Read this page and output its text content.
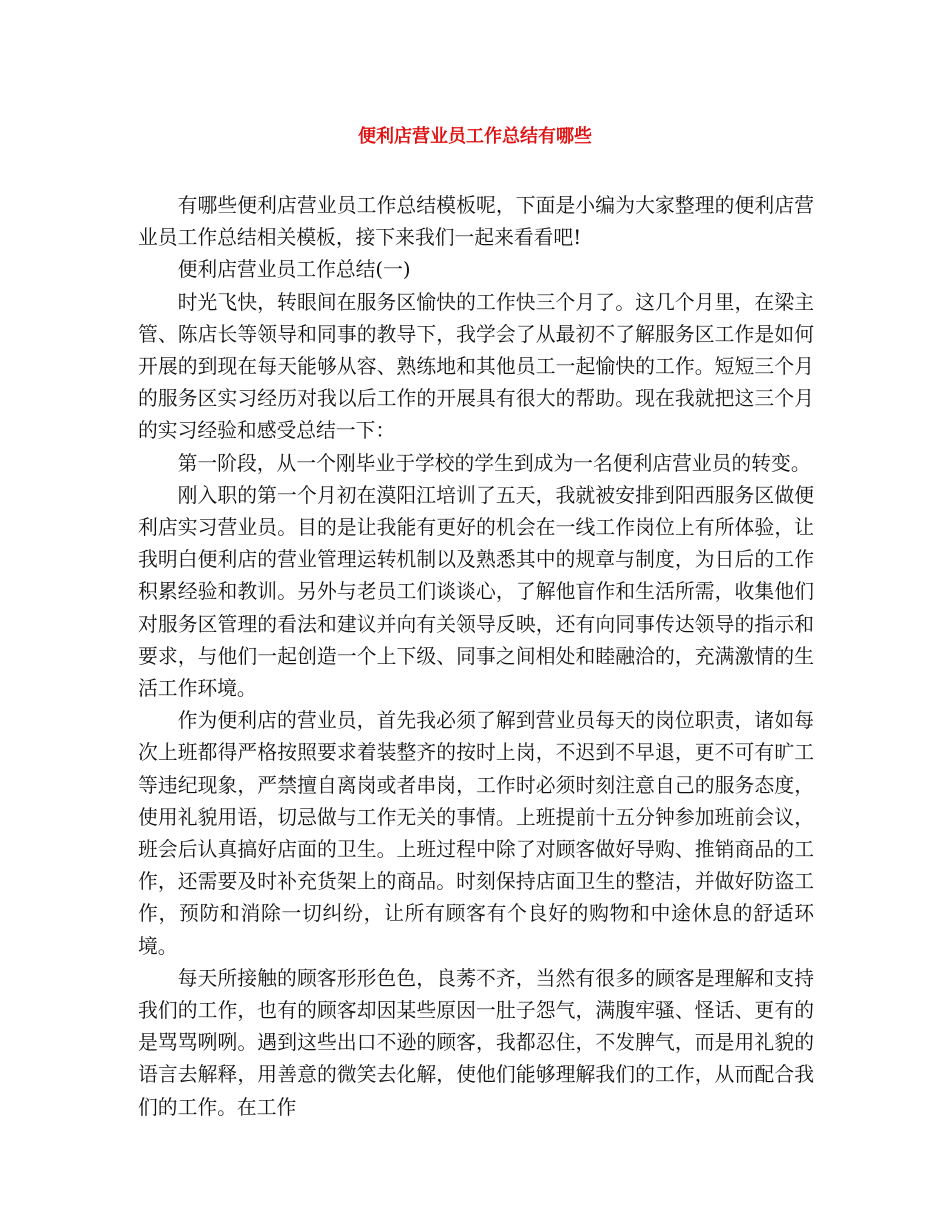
便利店营业员工作总结有哪些

有哪些便利店营业员工作总结模板呢，下面是小编为大家整理的便利店营业员工作总结相关模板，接下来我们一起来看看吧!

便利店营业员工作总结(一)

时光飞快，转眼间在服务区愉快的工作快三个月了。这几个月里，在梁主管、陈店长等领导和同事的教导下，我学会了从最初不了解服务区工作是如何开展的到现在每天能够从容、熟练地和其他员工一起愉快的工作。短短三个月的服务区实习经历对我以后工作的开展具有很大的帮助。现在我就把这三个月的实习经验和感受总结一下：

第一阶段，从一个刚毕业于学校的学生到成为一名便利店营业员的转变。

刚入职的第一个月初在漠阳江培训了五天，我就被安排到阳西服务区做便利店实习营业员。目的是让我能有更好的机会在一线工作岗位上有所体验，让我明白便利店的营业管理运转机制以及熟悉其中的规章与制度，为日后的工作积累经验和教训。另外与老员工们谈谈心，了解他盲作和生活所需，收集他们对服务区管理的看法和建议并向有关领导反映，还有向同事传达领导的指示和要求，与他们一起创造一个上下级、同事之间相处和睦融洽的，充满激情的生活工作环境。

作为便利店的营业员，首先我必须了解到营业员每天的岗位职责，诸如每次上班都得严格按照要求着装整齐的按时上岗，不迟到不早退，更不可有旷工等违纪现象，严禁擅自离岗或者串岗，工作时必须时刻注意自己的服务态度，使用礼貌用语，切忌做与工作无关的事情。上班提前十五分钟参加班前会议，班会后认真搞好店面的卫生。上班过程中除了对顾客做好导购、推销商品的工作，还需要及时补充货架上的商品。时刻保持店面卫生的整洁，并做好防盗工作，预防和消除一切纠纷，让所有顾客有个良好的购物和中途休息的舒适环境。

每天所接触的顾客形形色色，良莠不齐，当然有很多的顾客是理解和支持我们的工作，也有的顾客却因某些原因一肚子怨气，满腹牢骚、怪话、更有的是骂骂咧咧。遇到这些出口不逊的顾客，我都忍住，不发脾气，而是用礼貌的语言去解释，用善意的微笑去化解，使他们能够理解我们的工作，从而配合我们的工作。在工作
